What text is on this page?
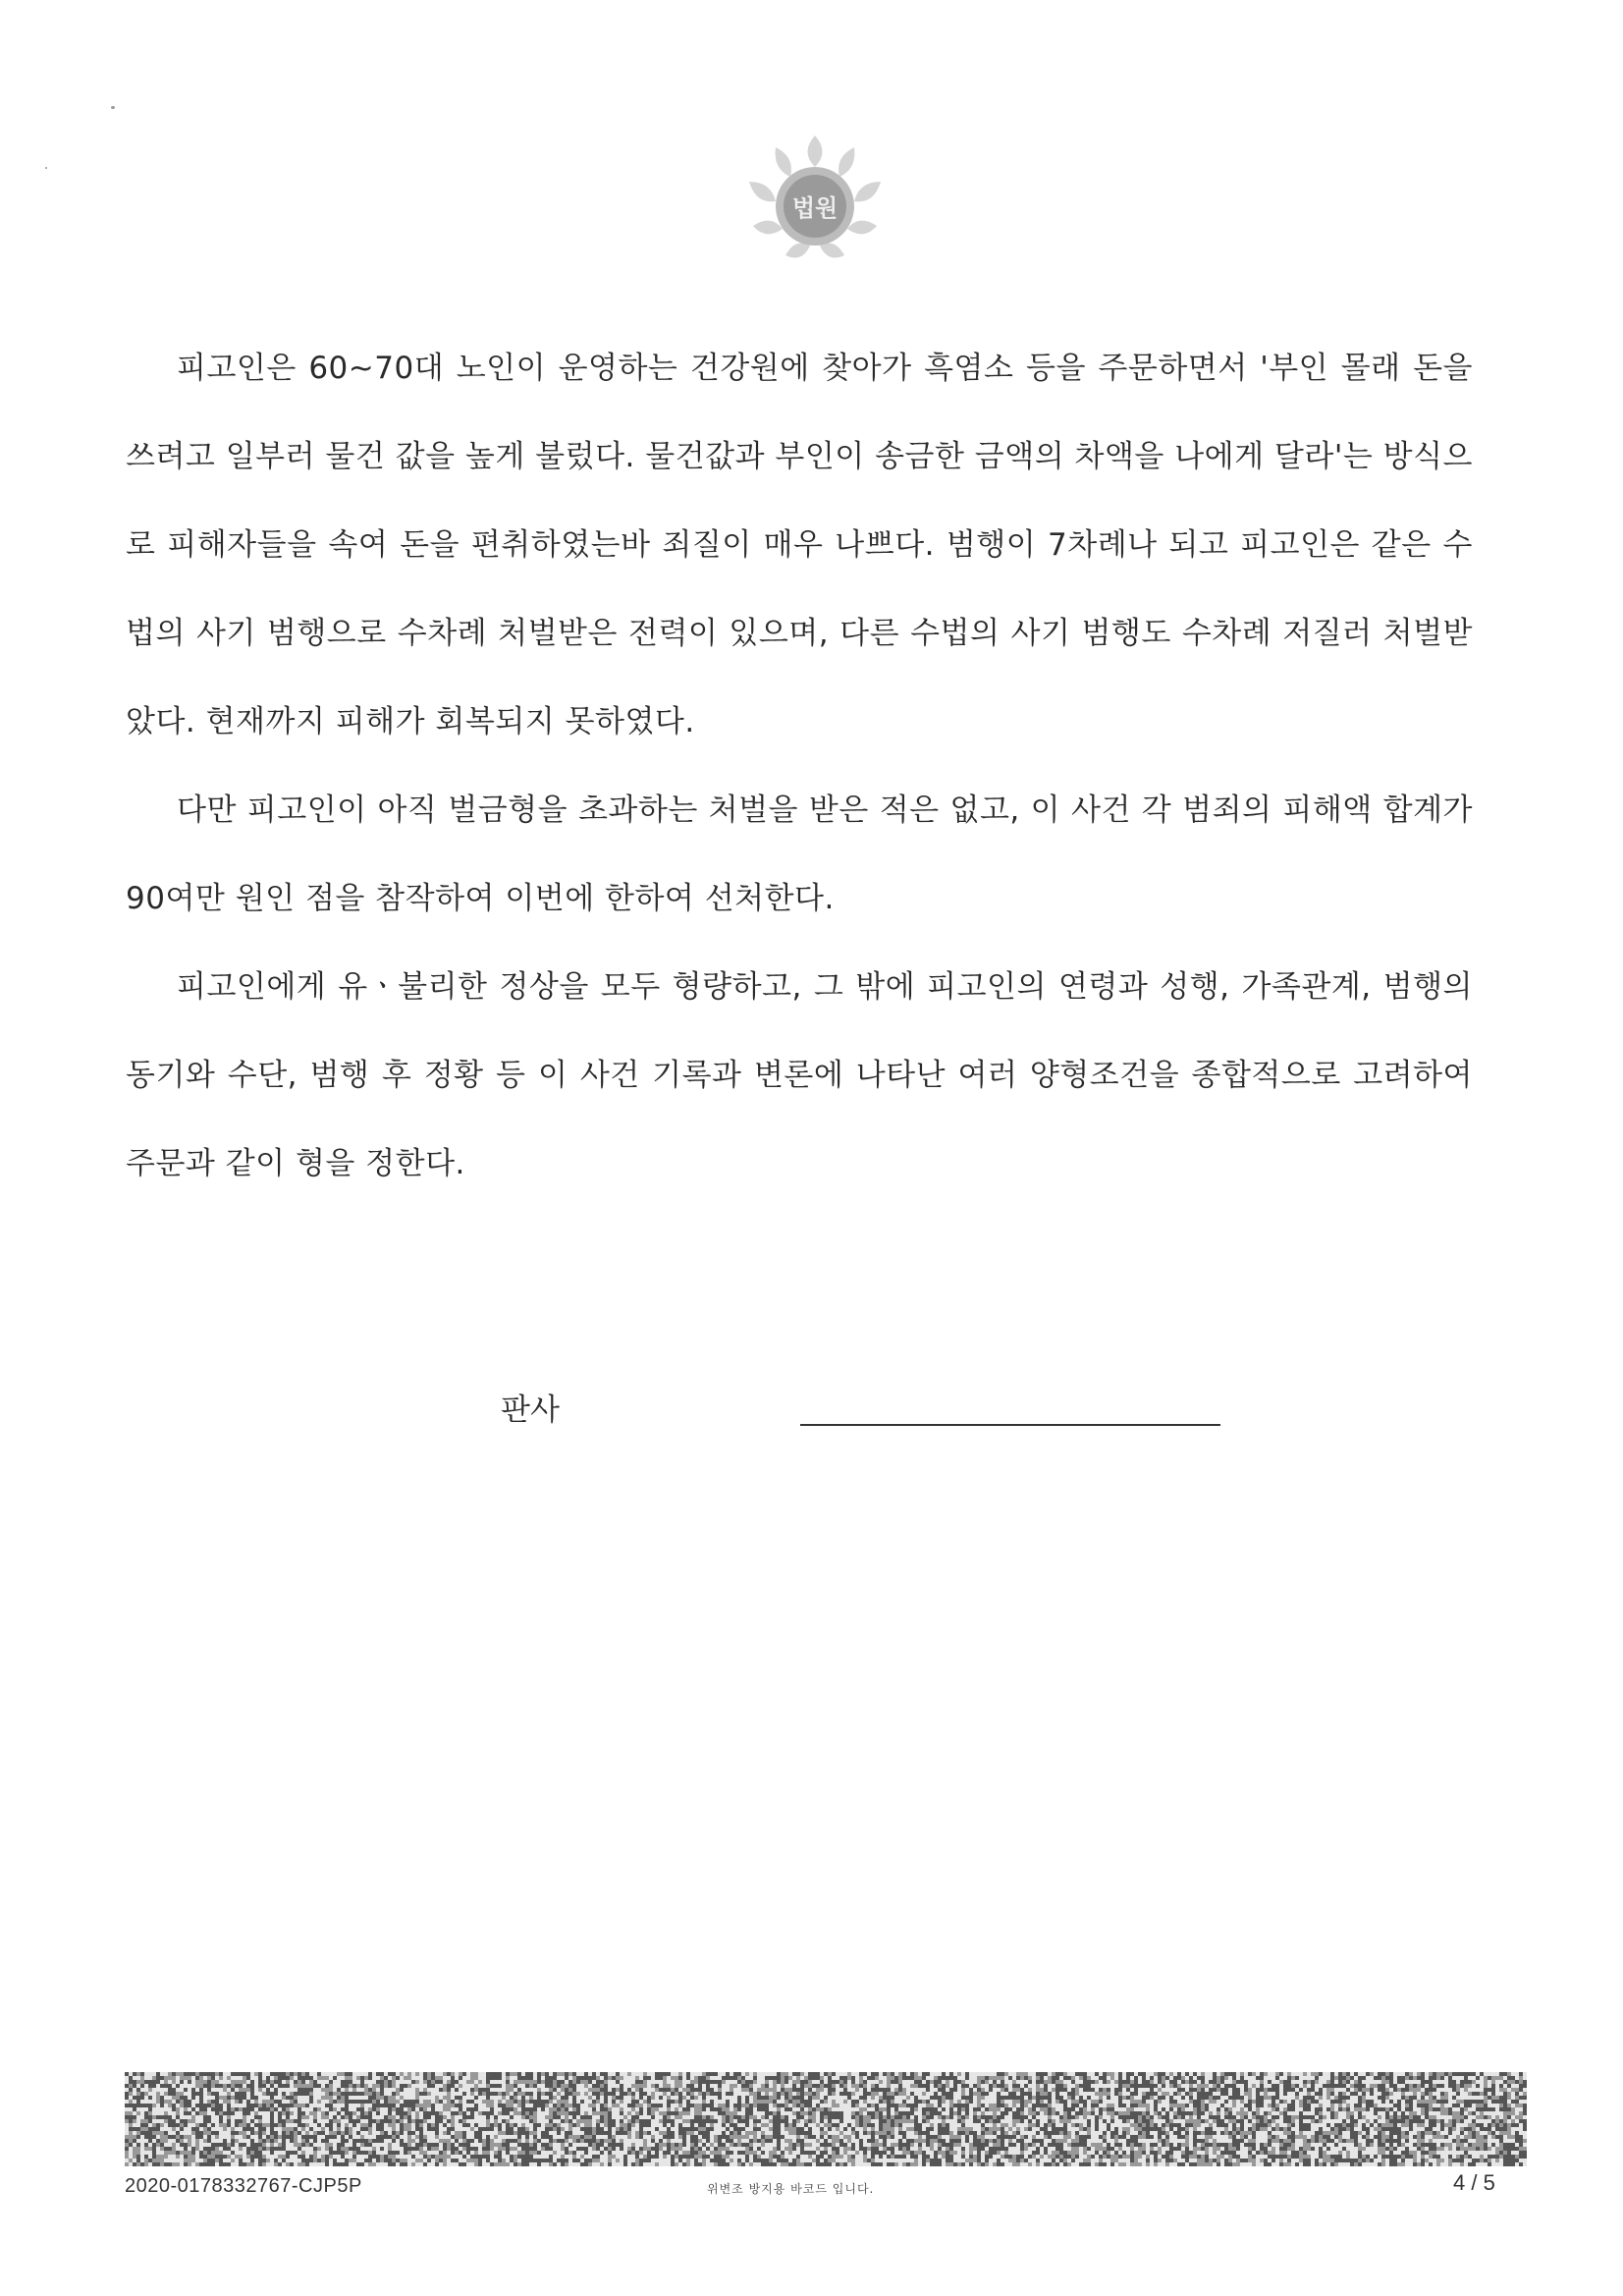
법원

피고인은 60∼70대 노인이 운영하는 건강원에 찾아가 흑염소 등을 주문하면서 '부인 몰래 돈을 쓰려고 일부러 물건 값을 높게 불렀다. 물건값과 부인이 송금한 금액의 차액을 나에게 달라'는 방식으로 피해자들을 속여 돈을 편취하였는바 죄질이 매우 나쁘다. 범행이 7차례나 되고 피고인은 같은 수법의 사기 범행으로 수차례 처벌받은 전력이 있으며, 다른 수법의 사기 범행도 수차례 저질러 처벌받았다. 현재까지 피해가 회복되지 못하였다.

다만 피고인이 아직 벌금형을 초과하는 처벌을 받은 적은 없고, 이 사건 각 범죄의 피해액 합계가 90여만 원인 점을 참작하여 이번에 한하여 선처한다.

피고인에게 유ㆍ불리한 정상을 모두 형량하고, 그 밖에 피고인의 연령과 성행, 가족관계, 범행의 동기와 수단, 범행 후 정황 등 이 사건 기록과 변론에 나타난 여러 양형조건을 종합적으로 고려하여 주문과 같이 형을 정한다.

판사
2020-0178332767-CJP5P	위변조 방지용 바코드 입니다.	4 / 5
